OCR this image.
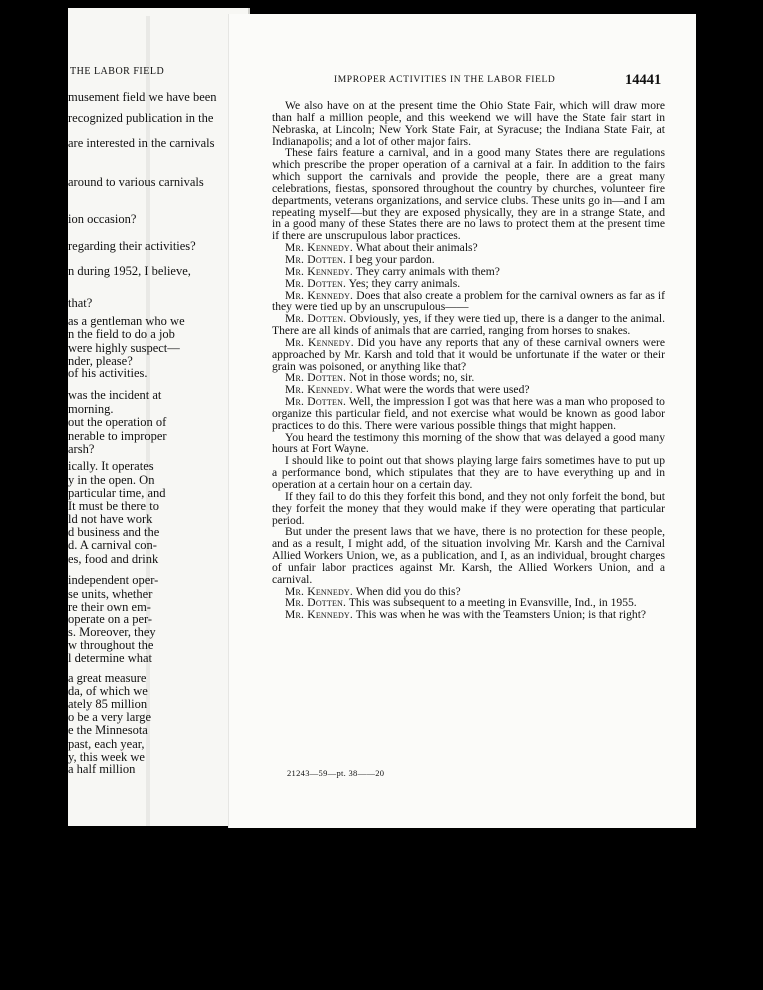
THE LABOR FIELD
musement field we have been
recognized publication in the
are interested in the carnivals
around to various carnivals
ion occasion?
regarding their activities?
n during 1952, I believe,
that?
as a gentleman who we
n the field to do a job
were highly suspect—
nder, please?
of his activities.
was the incident at
morning.
out the operation of
nerable to improper
arsh?
ically. It operates
y in the open. On
particular time, and
It must be there to
ld not have work
d business and the
d. A carnival con-
es, food and drink
independent oper-
se units, whether
re their own em-
operate on a per-
s. Moreover, they
w throughout the
l determine what
a great measure
da, of which we
ately 85 million
o be a very large
e the Minnesota
past, each year,
y, this week we
a half million
IMPROPER ACTIVITIES IN THE LABOR FIELD	14441

We also have on at the present time the Ohio State Fair, which will draw more than half a million people, and this weekend we will have the State fair start in Nebraska, at Lincoln; New York State Fair, at Syracuse; the Indiana State Fair, at Indianapolis; and a lot of other major fairs.

These fairs feature a carnival, and in a good many States there are regulations which prescribe the proper operation of a carnival at a fair. In addition to the fairs which support the carnivals and provide the people, there are a great many celebrations, fiestas, sponsored throughout the country by churches, volunteer fire departments, veterans organizations, and service clubs. These units go in—and I am repeating myself—but they are exposed physically, they are in a strange State, and in a good many of these States there are no laws to protect them at the present time if there are unscrupulous labor practices.

Mr. Kennedy. What about their animals?

Mr. Dotten. I beg your pardon.

Mr. Kennedy. They carry animals with them?

Mr. Dotten. Yes; they carry animals.

Mr. Kennedy. Does that also create a problem for the carnival owners as far as if they were tied up by an unscrupulous——

Mr. Dotten. Obviously, yes, if they were tied up, there is a danger to the animal. There are all kinds of animals that are carried, ranging from horses to snakes.

Mr. Kennedy. Did you have any reports that any of these carnival owners were approached by Mr. Karsh and told that it would be unfortunate if the water or their grain was poisoned, or anything like that?

Mr. Dotten. Not in those words; no, sir.

Mr. Kennedy. What were the words that were used?

Mr. Dotten. Well, the impression I got was that here was a man who proposed to organize this particular field, and not exercise what would be known as good labor practices to do this. There were various possible things that might happen.

You heard the testimony this morning of the show that was delayed a good many hours at Fort Wayne.

I should like to point out that shows playing large fairs sometimes have to put up a performance bond, which stipulates that they are to have everything up and in operation at a certain hour on a certain day.

If they fail to do this they forfeit this bond, and they not only forfeit the bond, but they forfeit the money that they would make if they were operating that particular period.

But under the present laws that we have, there is no protection for these people, and as a result, I might add, of the situation involving Mr. Karsh and the Carnival Allied Workers Union, we, as a publication, and I, as an individual, brought charges of unfair labor practices against Mr. Karsh, the Allied Workers Union, and a carnival.

Mr. Kennedy. When did you do this?

Mr. Dotten. This was subsequent to a meeting in Evansville, Ind., in 1955.

Mr. Kennedy. This was when he was with the Teamsters Union; is that right?

21243—59—pt. 38——20
